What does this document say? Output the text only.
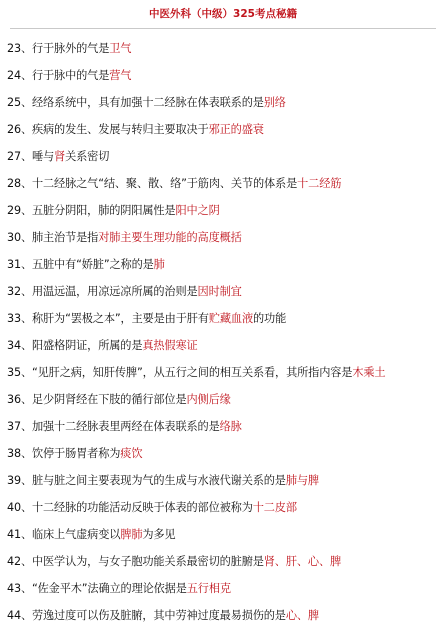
中医外科（中级）325考点秘籍
23、行于脉外的气是卫气
24、行于脉中的气是营气
25、经络系统中，具有加强十二经脉在体表联系的是别络
26、疾病的发生、发展与转归主要取决于邪正的盛衰
27、唾与肾关系密切
28、十二经脉之气“结、聚、散、络”于筋肉、关节的体系是十二经筋
29、五脏分阴阳，肺的阴阳属性是阳中之阴
30、肺主治节是指对肺主要生理功能的高度概括
31、五脏中有“娇脏”之称的是肺
32、用温远温，用凉远凉所属的治则是因时制宜
33、称肝为“罢极之本”，主要是由于肝有贮藏血液的功能
34、阳盛格阴证，所属的是真热假寒证
35、“见肝之病，知肝传脾”，从五行之间的相互关系看，其所指内容是木乘土
36、足少阴肾经在下肢的循行部位是内侧后缘
37、加强十二经脉表里两经在体表联系的是络脉
38、饮停于肠胃者称为痰饮
39、脏与脏之间主要表现为气的生成与水液代谢关系的是肺与脾
40、十二经脉的功能活动反映于体表的部位被称为十二皮部
41、临床上气虚病变以脾肺为多见
42、中医学认为，与女子胞功能关系最密切的脏腑是肾、肝、心、脾
43、“佐金平木”法确立的理论依据是五行相克
44、劳逸过度可以伤及脏腑，其中劳神过度最易损伤的是心、脾
